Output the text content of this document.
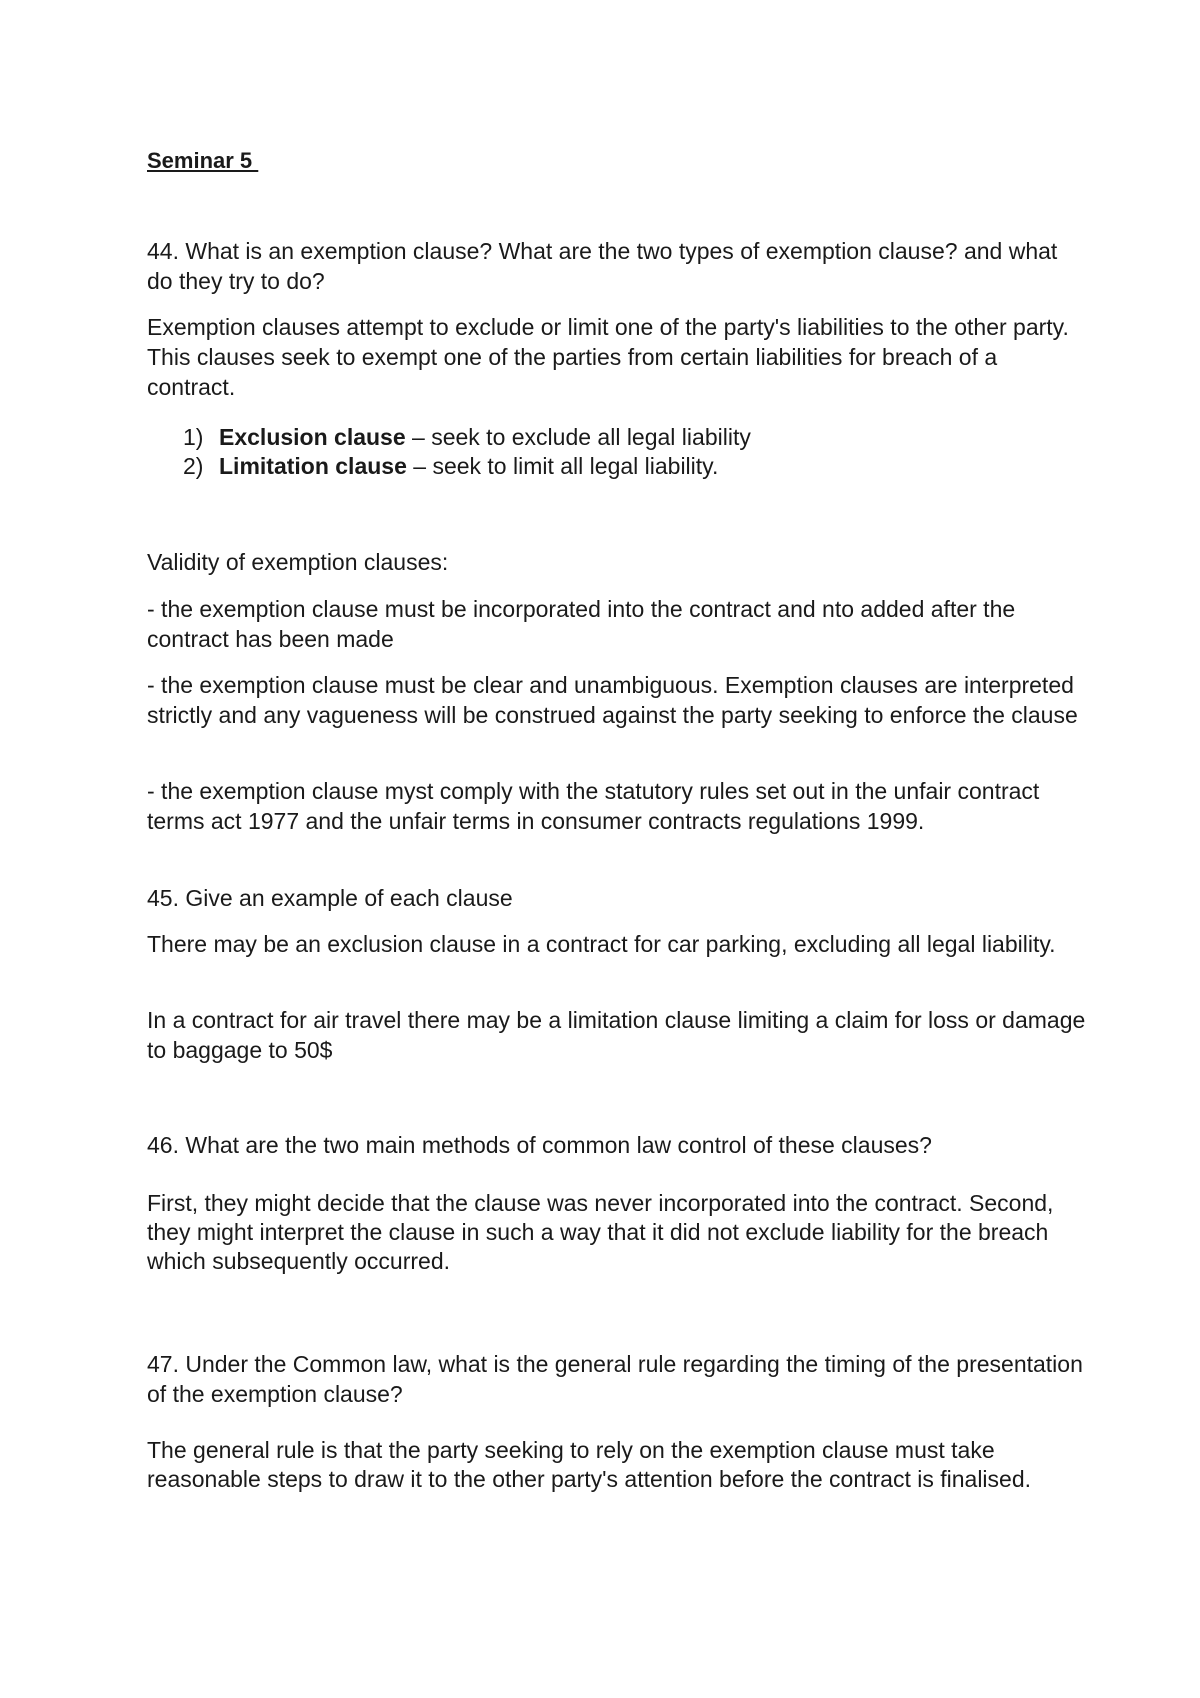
Seminar 5
44. What is an exemption clause? What are the two types of exemption clause? and what do they try to do?
Exemption clauses attempt to exclude or limit one of the party's liabilities to the other party. This clauses seek to exempt one of the parties from certain liabilities for breach of a contract.
1) Exclusion clause – seek to exclude all legal liability
2) Limitation clause – seek to limit all legal liability.
Validity of exemption clauses:
- the exemption clause must be incorporated into the contract and nto added after the contract has been made
- the exemption clause must be clear and unambiguous. Exemption clauses are interpreted strictly and any vagueness will be construed against the party seeking to enforce the clause
- the exemption clause myst comply with the statutory rules set out in the unfair contract terms act 1977 and the unfair terms in consumer contracts regulations 1999.
45. Give an example of each clause
There may be an exclusion clause in a contract for car parking, excluding all legal liability.
In a contract for air travel there may be a limitation clause limiting a claim for loss or damage to baggage to 50$
46. What are the two main methods of common law control of these clauses?
First, they might decide that the clause was never incorporated into the contract. Second, they might interpret the clause in such a way that it did not exclude liability for the breach which subsequently occurred.
47. Under the Common law, what is the general rule regarding the timing of the presentation of the exemption clause?
The general rule is that the party seeking to rely on the exemption clause must take reasonable steps to draw it to the other party's attention before the contract is finalised.
